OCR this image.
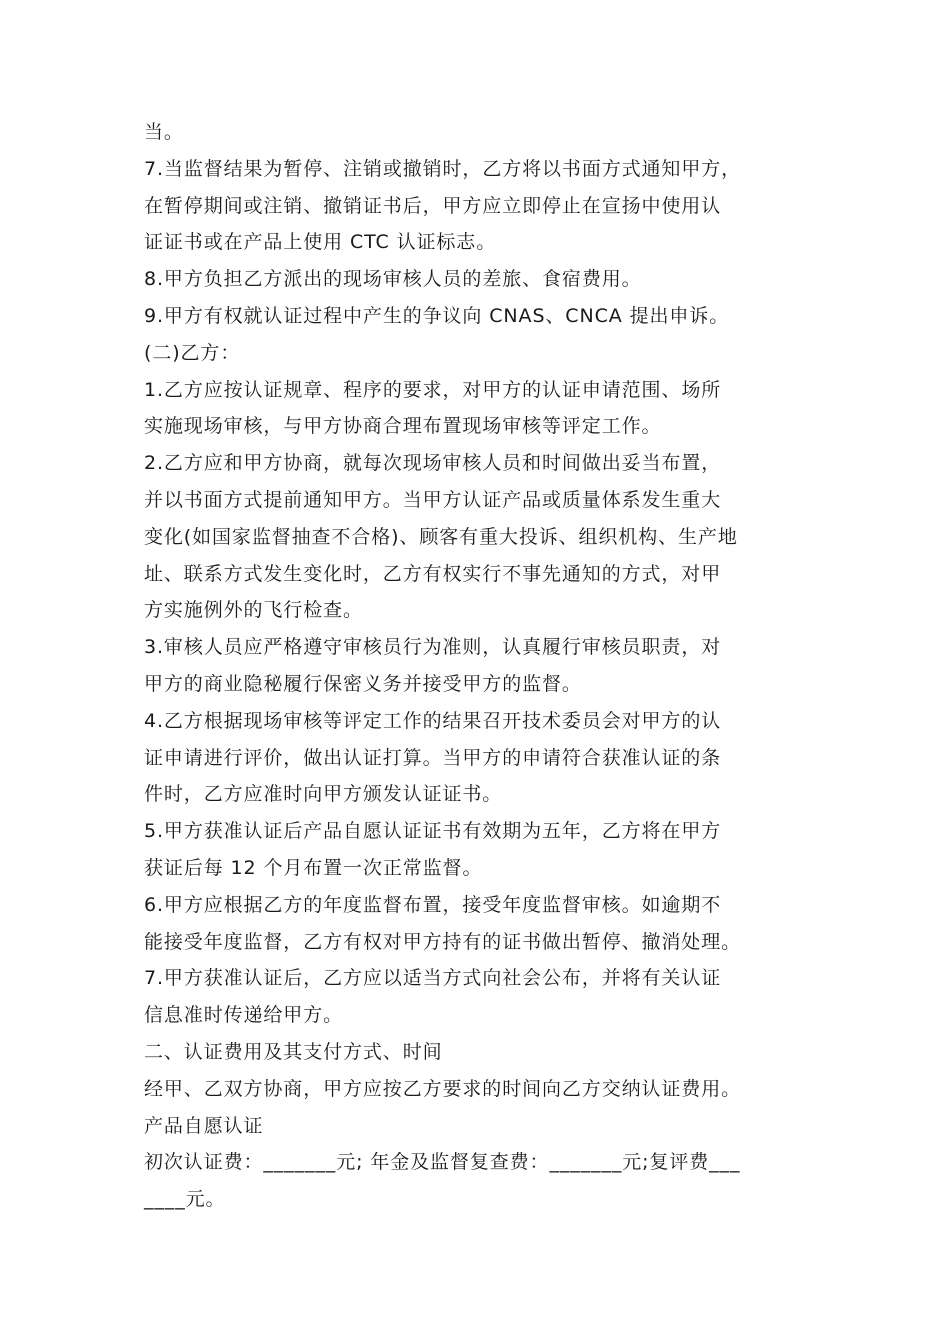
当。
7.当监督结果为暂停、注销或撤销时，乙方将以书面方式通知甲方，
在暂停期间或注销、撤销证书后，甲方应立即停止在宣扬中使用认
证证书或在产品上使用 CTC 认证标志。
8.甲方负担乙方派出的现场审核人员的差旅、食宿费用。
9.甲方有权就认证过程中产生的争议向 CNAS、CNCA 提出申诉。
(二)乙方：
1.乙方应按认证规章、程序的要求，对甲方的认证申请范围、场所
实施现场审核，与甲方协商合理布置现场审核等评定工作。
2.乙方应和甲方协商，就每次现场审核人员和时间做出妥当布置，
并以书面方式提前通知甲方。当甲方认证产品或质量体系发生重大
变化(如国家监督抽查不合格)、顾客有重大投诉、组织机构、生产地
址、联系方式发生变化时，乙方有权实行不事先通知的方式，对甲
方实施例外的飞行检查。
3.审核人员应严格遵守审核员行为准则，认真履行审核员职责，对
甲方的商业隐秘履行保密义务并接受甲方的监督。
4.乙方根据现场审核等评定工作的结果召开技术委员会对甲方的认
证申请进行评价，做出认证打算。当甲方的申请符合获准认证的条
件时，乙方应准时向甲方颁发认证证书。
5.甲方获准认证后产品自愿认证证书有效期为五年，乙方将在甲方
获证后每 12 个月布置一次正常监督。
6.甲方应根据乙方的年度监督布置，接受年度监督审核。如逾期不
能接受年度监督，乙方有权对甲方持有的证书做出暂停、撤消处理。
7.甲方获准认证后，乙方应以适当方式向社会公布，并将有关认证
信息准时传递给甲方。
二、认证费用及其支付方式、时间
经甲、乙双方协商，甲方应按乙方要求的时间向乙方交纳认证费用。
产品自愿认证
初次认证费：_______元; 年金及监督复查费：_______元;复评费___
____元。
